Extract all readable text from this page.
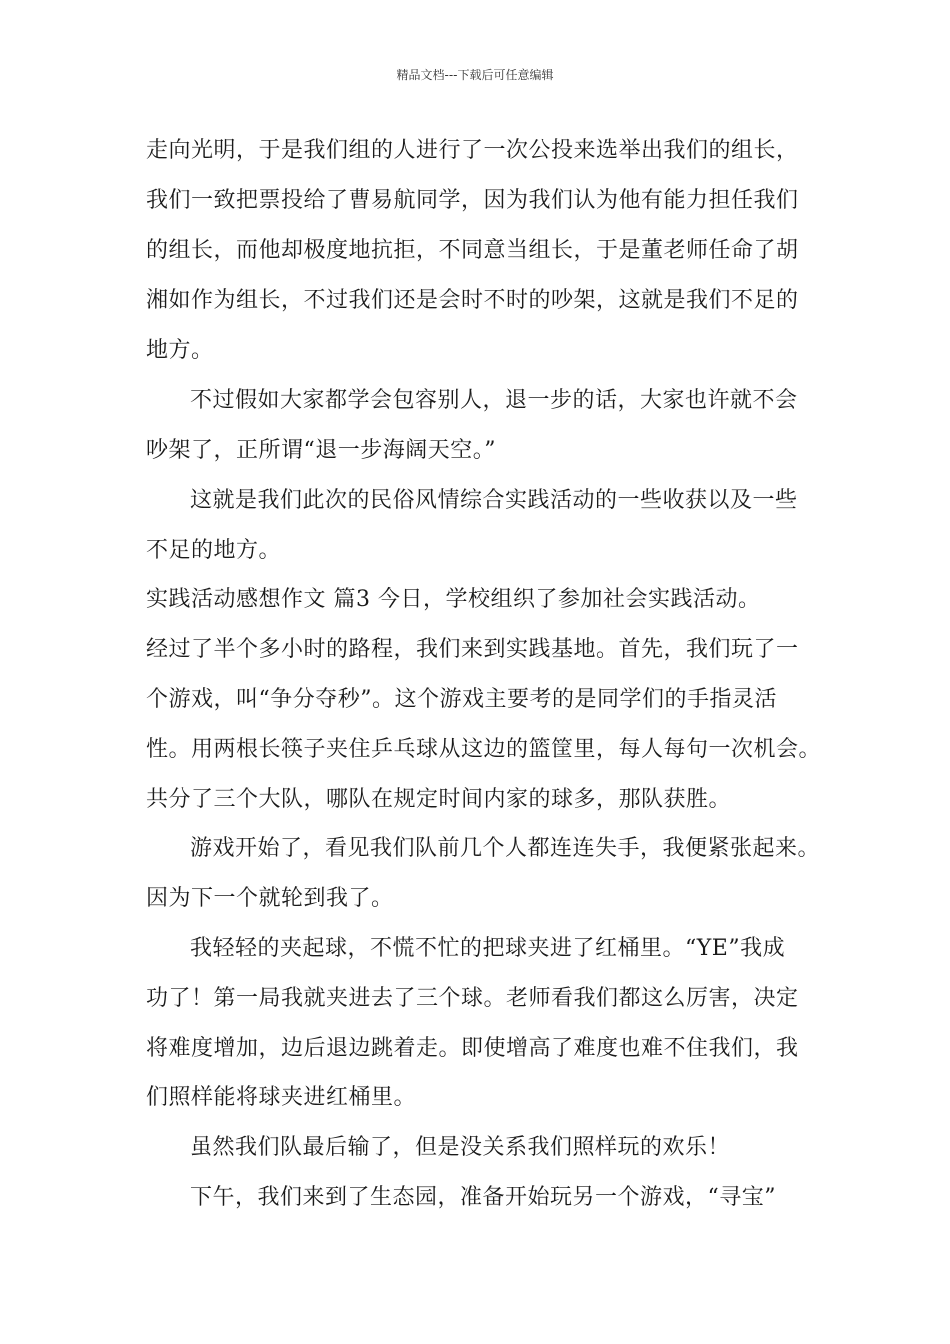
精品文档---下载后可任意编辑
走向光明，于是我们组的人进行了一次公投来选举出我们的组长，
我们一致把票投给了曹易航同学，因为我们认为他有能力担任我们
的组长，而他却极度地抗拒，不同意当组长，于是董老师任命了胡
湘如作为组长，不过我们还是会时不时的吵架，这就是我们不足的
地方。
不过假如大家都学会包容别人，退一步的话，大家也许就不会
吵架了，正所谓“退一步海阔天空。”
这就是我们此次的民俗风情综合实践活动的一些收获以及一些
不足的地方。
实践活动感想作文 篇3 今日，学校组织了参加社会实践活动。
经过了半个多小时的路程，我们来到实践基地。首先，我们玩了一
个游戏，叫“争分夺秒”。这个游戏主要考的是同学们的手指灵活
性。用两根长筷子夹住乒乓球从这边的篮筐里，每人每句一次机会。
共分了三个大队，哪队在规定时间内家的球多，那队获胜。
游戏开始了，看见我们队前几个人都连连失手，我便紧张起来。
因为下一个就轮到我了。
我轻轻的夹起球，不慌不忙的把球夹进了红桶里。“YE”我成
功了！第一局我就夹进去了三个球。老师看我们都这么厉害，决定
将难度增加，边后退边跳着走。即使增高了难度也难不住我们，我
们照样能将球夹进红桶里。
虽然我们队最后输了，但是没关系我们照样玩的欢乐！
下午，我们来到了生态园，准备开始玩另一个游戏，“寻宝”
